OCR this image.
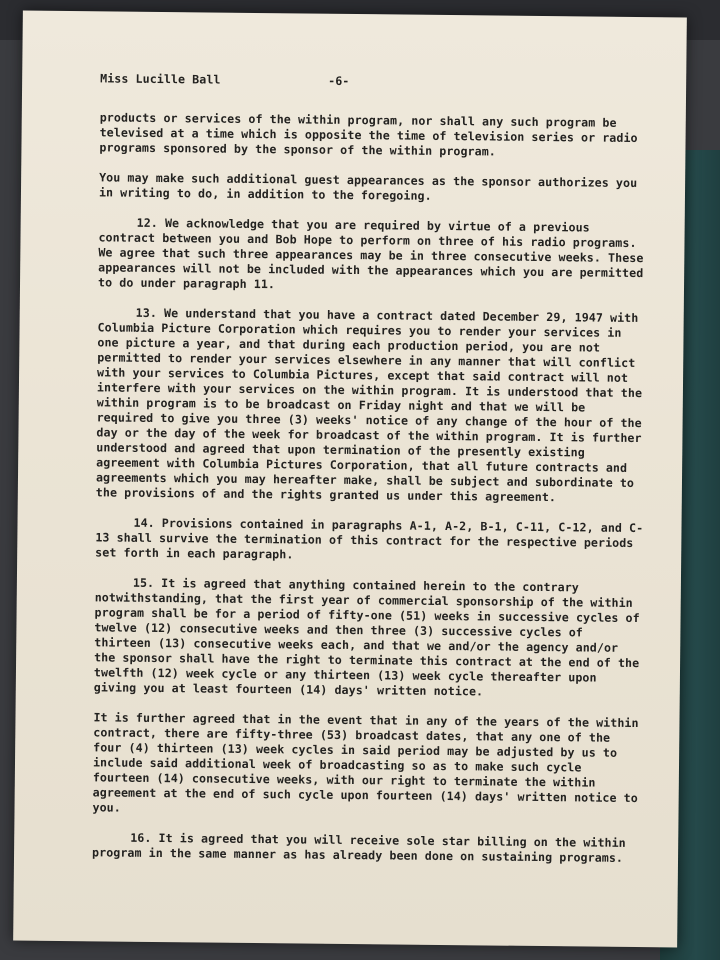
Miss Lucille Ball	-6-

products or services of the within program, nor shall any such program be televised at a time which is opposite the time of television series or radio programs sponsored by the sponsor of the within program.

You may make such additional guest appearances as the sponsor authorizes you in writing to do, in addition to the foregoing.

12. We acknowledge that you are required by virtue of a previous contract between you and Bob Hope to perform on three of his radio programs. We agree that such three appearances may be in three consecutive weeks. These appearances will not be included with the appearances which you are permitted to do under paragraph 11.

13. We understand that you have a contract dated December 29, 1947 with Columbia Picture Corporation which requires you to render your services in one picture a year, and that during each production period, you are not permitted to render your services elsewhere in any manner that will conflict with your services to Columbia Pictures, except that said contract will not interfere with your services on the within program. It is understood that the within program is to be broadcast on Friday night and that we will be required to give you three (3) weeks' notice of any change of the hour of the day or the day of the week for broadcast of the within program. It is further understood and agreed that upon termination of the presently existing agreement with Columbia Pictures Corporation, that all future contracts and agreements which you may hereafter make, shall be subject and subordinate to the provisions of and the rights granted us under this agreement.

14. Provisions contained in paragraphs A-1, A-2, B-1, C-11, C-12, and C-13 shall survive the termination of this contract for the respective periods set forth in each paragraph.

15. It is agreed that anything contained herein to the contrary notwithstanding, that the first year of commercial sponsorship of the within program shall be for a period of fifty-one (51) weeks in successive cycles of twelve (12) consecutive weeks and then three (3) successive cycles of thirteen (13) consecutive weeks each, and that we and/or the agency and/or the sponsor shall have the right to terminate this contract at the end of the twelfth (12) week cycle or any thirteen (13) week cycle thereafter upon giving you at least fourteen (14) days' written notice.

It is further agreed that in the event that in any of the years of the within contract, there are fifty-three (53) broadcast dates, that any one of the four (4) thirteen (13) week cycles in said period may be adjusted by us to include said additional week of broadcasting so as to make such cycle fourteen (14) consecutive weeks, with our right to terminate the within agreement at the end of such cycle upon fourteen (14) days' written notice to you.

16. It is agreed that you will receive sole star billing on the within program in the same manner as has already been done on sustaining programs.
